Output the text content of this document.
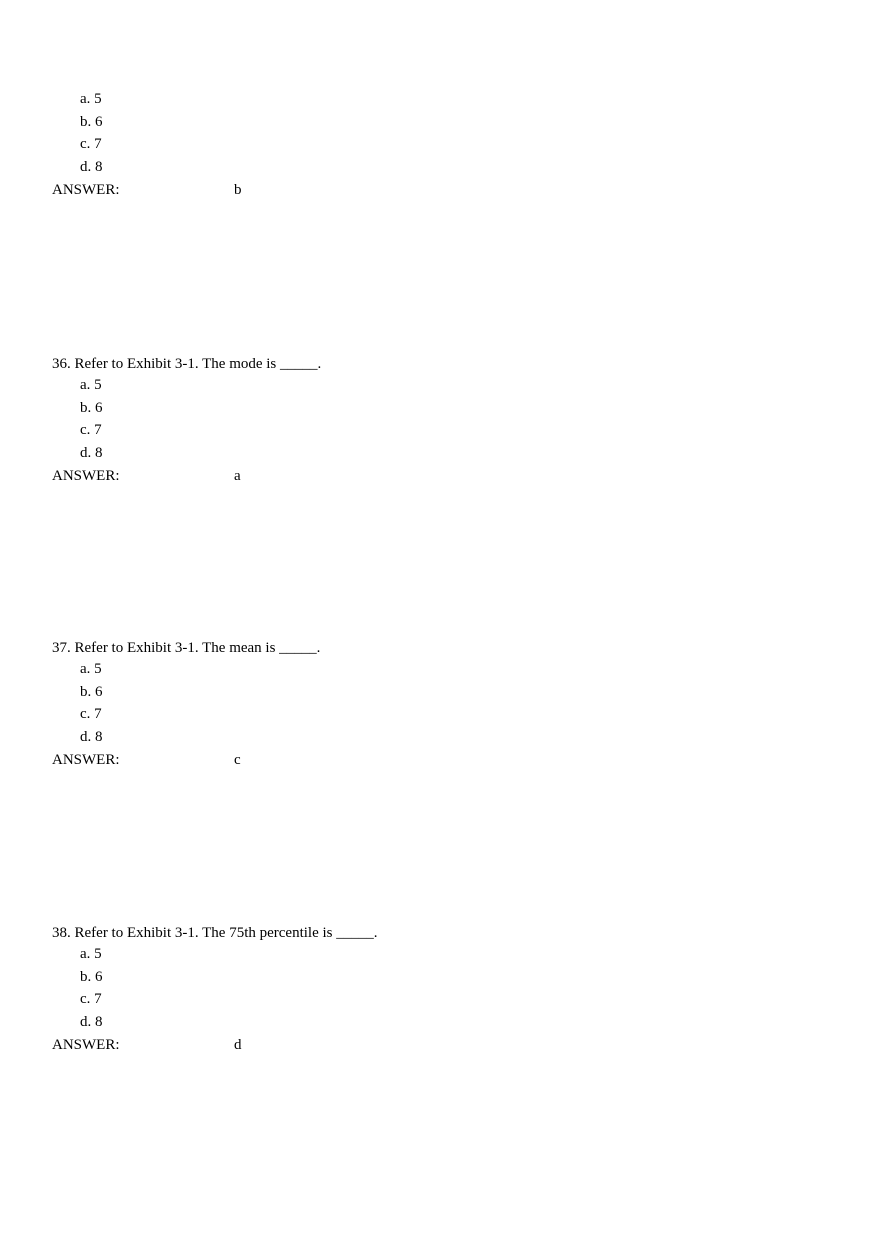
a. 5
b. 6
c. 7
d. 8
ANSWER:	b
36. Refer to Exhibit 3-1. The mode is _____.
a. 5
b. 6
c. 7
d. 8
ANSWER:	a
37. Refer to Exhibit 3-1. The mean is _____.
a. 5
b. 6
c. 7
d. 8
ANSWER:	c
38. Refer to Exhibit 3-1. The 75th percentile is _____.
a. 5
b. 6
c. 7
d. 8
ANSWER:	d
